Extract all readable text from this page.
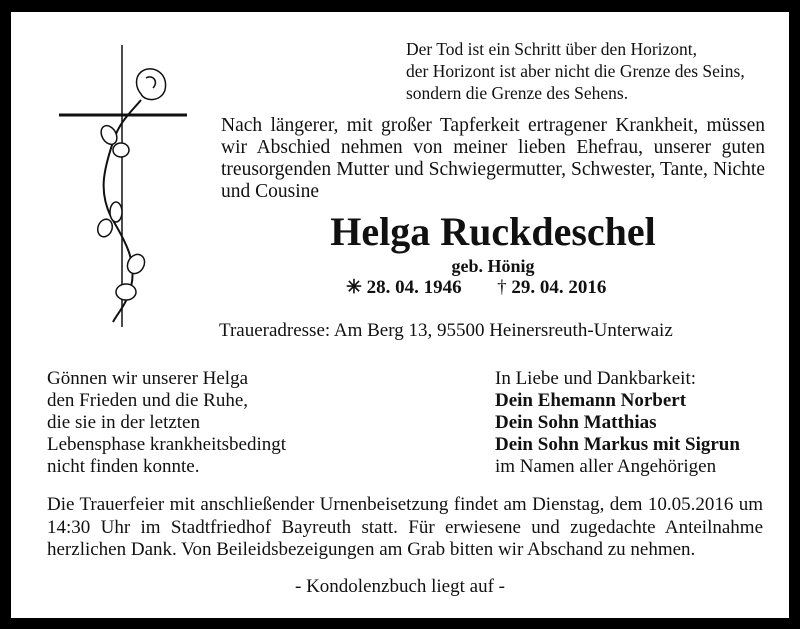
Der Tod ist ein Schritt über den Horizont,
der Horizont ist aber nicht die Grenze des Seins,
sondern die Grenze des Sehens.
Nach längerer, mit großer Tapferkeit ertragener Krankheit, müssen wir Abschied nehmen von meiner lieben Ehefrau, unserer guten treusorgenden Mutter und Schwiegermutter, Schwester, Tante, Nichte und Cousine
Helga Ruckdeschel
geb. Hönig
✳ 28. 04. 1946 † 29. 04. 2016
Traueradresse: Am Berg 13, 95500 Heinersreuth-Unterwaiz
Gönnen wir unserer Helga
den Frieden und die Ruhe,
die sie in der letzten
Lebensphase krankheitsbedingt
nicht finden konnte.
In Liebe und Dankbarkeit:
Dein Ehemann Norbert
Dein Sohn Matthias
Dein Sohn Markus mit Sigrun
im Namen aller Angehörigen
Die Trauerfeier mit anschließender Urnenbeisetzung findet am Dienstag, dem 10.05.2016 um 14:30 Uhr im Stadtfriedhof Bayreuth statt. Für erwiesene und zugedachte Anteilnahme herzlichen Dank. Von Beileidsbezeigungen am Grab bitten wir Abschand zu nehmen.
- Kondolenzbuch liegt auf -
